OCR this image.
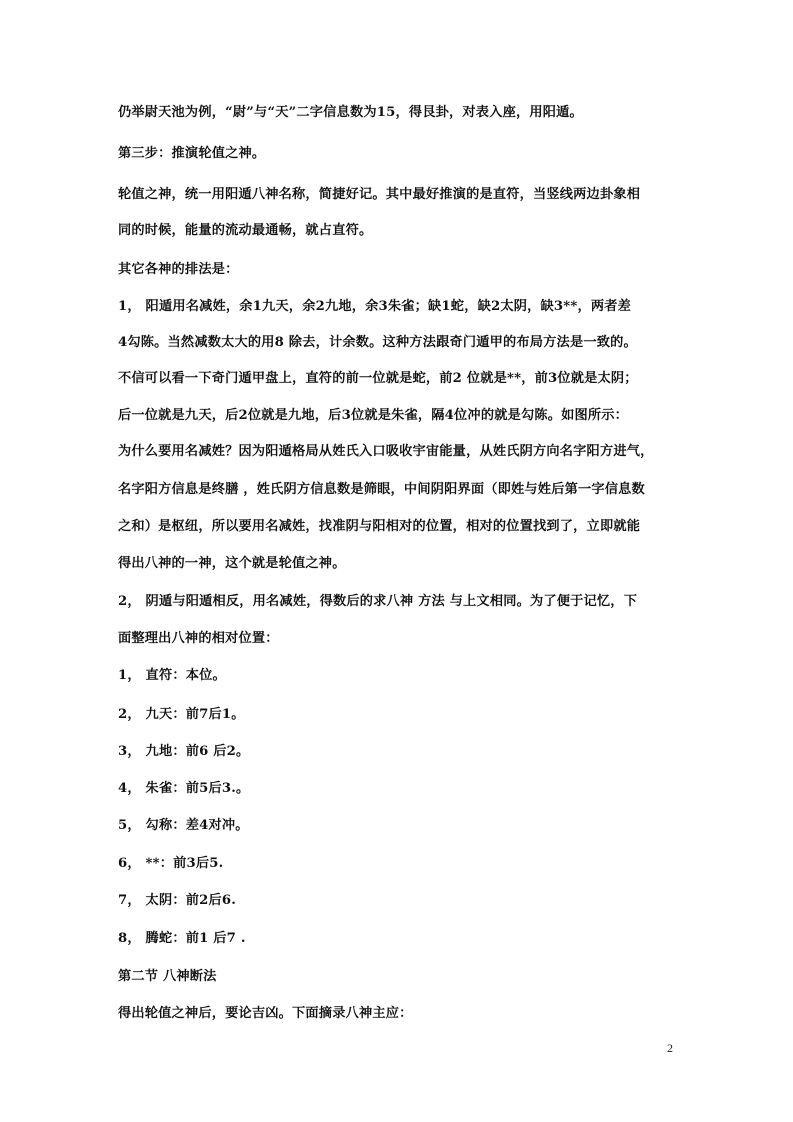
仍举尉天池为例，“尉”与“天”二字信息数为15，得艮卦，对表入座，用阳遁。
第三步：推演轮值之神。
轮值之神，统一用阳遁八神名称，简捷好记。其中最好推演的是直符，当竖线两边卦象相
同的时候，能量的流动最通畅，就占直符。
其它各神的排法是：
1， 阳遁用名减姓，余1九天，余2九地，余3朱雀；缺1蛇，缺2太阴，缺3**，两者差
4勾陈。当然减数太大的用8 除去，计余数。这种方法跟奇门遁甲的布局方法是一致的。
不信可以看一下奇门遁甲盘上，直符的前一位就是蛇，前2 位就是**，前3位就是太阴；
后一位就是九天，后2位就是九地，后3位就是朱雀，隔4位冲的就是勾陈。如图所示：
为什么要用名减姓？因为阳遁格局从姓氏入口吸收宇宙能量，从姓氏阴方向名字阳方进气，
名字阳方信息是终膳 ，姓氏阴方信息数是筛眼，中间阴阳界面（即姓与姓后第一字信息数
之和）是枢纽，所以要用名减姓，找准阴与阳相对的位置，相对的位置找到了，立即就能
得出八神的一神，这个就是轮值之神。
2， 阴遁与阳遁相反，用名减姓，得数后的求八神 方法 与上文相同。为了便于记忆，下
面整理出八神的相对位置：
1， 直符：本位。
2， 九天：前7后1。
3， 九地：前6 后2。
4， 朱雀：前5后3.。
5， 勾称：差4对冲。
6， **：前3后5.
7， 太阴：前2后6.
8， 腾蛇：前1 后7 .
第二节 八神断法
得出轮值之神后，要论吉凶。下面摘录八神主应：
2
